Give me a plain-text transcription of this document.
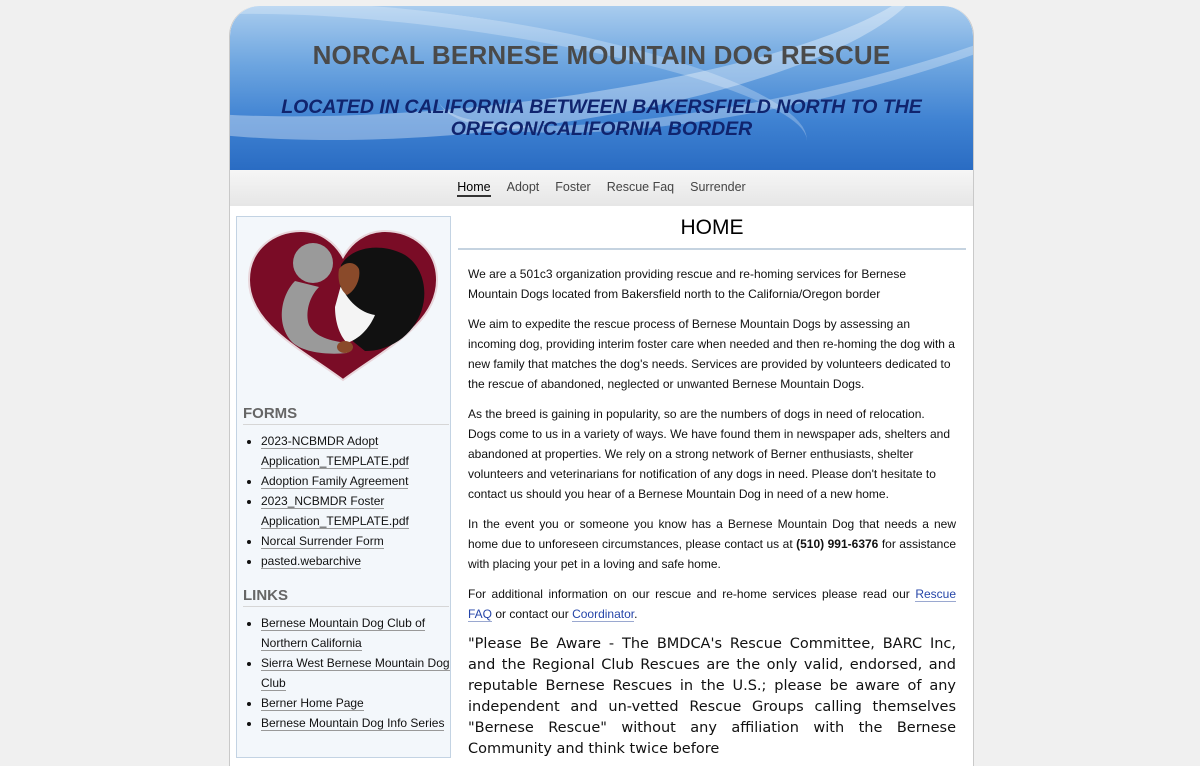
NORCAL BERNESE MOUNTAIN DOG RESCUE
LOCATED IN CALIFORNIA BETWEEN BAKERSFIELD NORTH TO THE OREGON/CALIFORNIA BORDER
Home Adopt Foster Rescue Faq Surrender
FORMS
• 2023-NCBMDR Adopt Application_TEMPLATE.pdf
• Adoption Family Agreement
• 2023_NCBMDR Foster Application_TEMPLATE.pdf
• Norcal Surrender Form
• pasted.webarchive
LINKS
• Bernese Mountain Dog Club of Northern California
• Sierra West Bernese Mountain Dog Club
• Berner Home Page
• Bernese Mountain Dog Info Series
HOME

We are a 501c3 organization providing rescue and re-homing services for Bernese Mountain Dogs located from Bakersfield north to the California/Oregon border

We aim to expedite the rescue process of Bernese Mountain Dogs by assessing an incoming dog, providing interim foster care when needed and then re-homing the dog with a new family that matches the dog's needs. Services are provided by volunteers dedicated to the rescue of abandoned, neglected or unwanted Bernese Mountain Dogs.

As the breed is gaining in popularity, so are the numbers of dogs in need of relocation. Dogs come to us in a variety of ways. We have found them in newspaper ads, shelters and abandoned at properties. We rely on a strong network of Berner enthusiasts, shelter volunteers and veterinarians for notification of any dogs in need. Please don't hesitate to contact us should you hear of a Bernese Mountain Dog in need of a new home.

In the event you or someone you know has a Bernese Mountain Dog that needs a new home due to unforeseen circumstances, please contact us at (510) 991-6376 for assistance with placing your pet in a loving and safe home.

For additional information on our rescue and re-home services please read our Rescue FAQ or contact our Coordinator.

"Please Be Aware - The BMDCA's Rescue Committee, BARC Inc, and the Regional Club Rescues are the only valid, endorsed, and reputable Bernese Rescues in the U.S.; please be aware of any independent and un-vetted Rescue Groups calling themselves "Bernese Rescue" without any affiliation with the Bernese Community and think twice before
